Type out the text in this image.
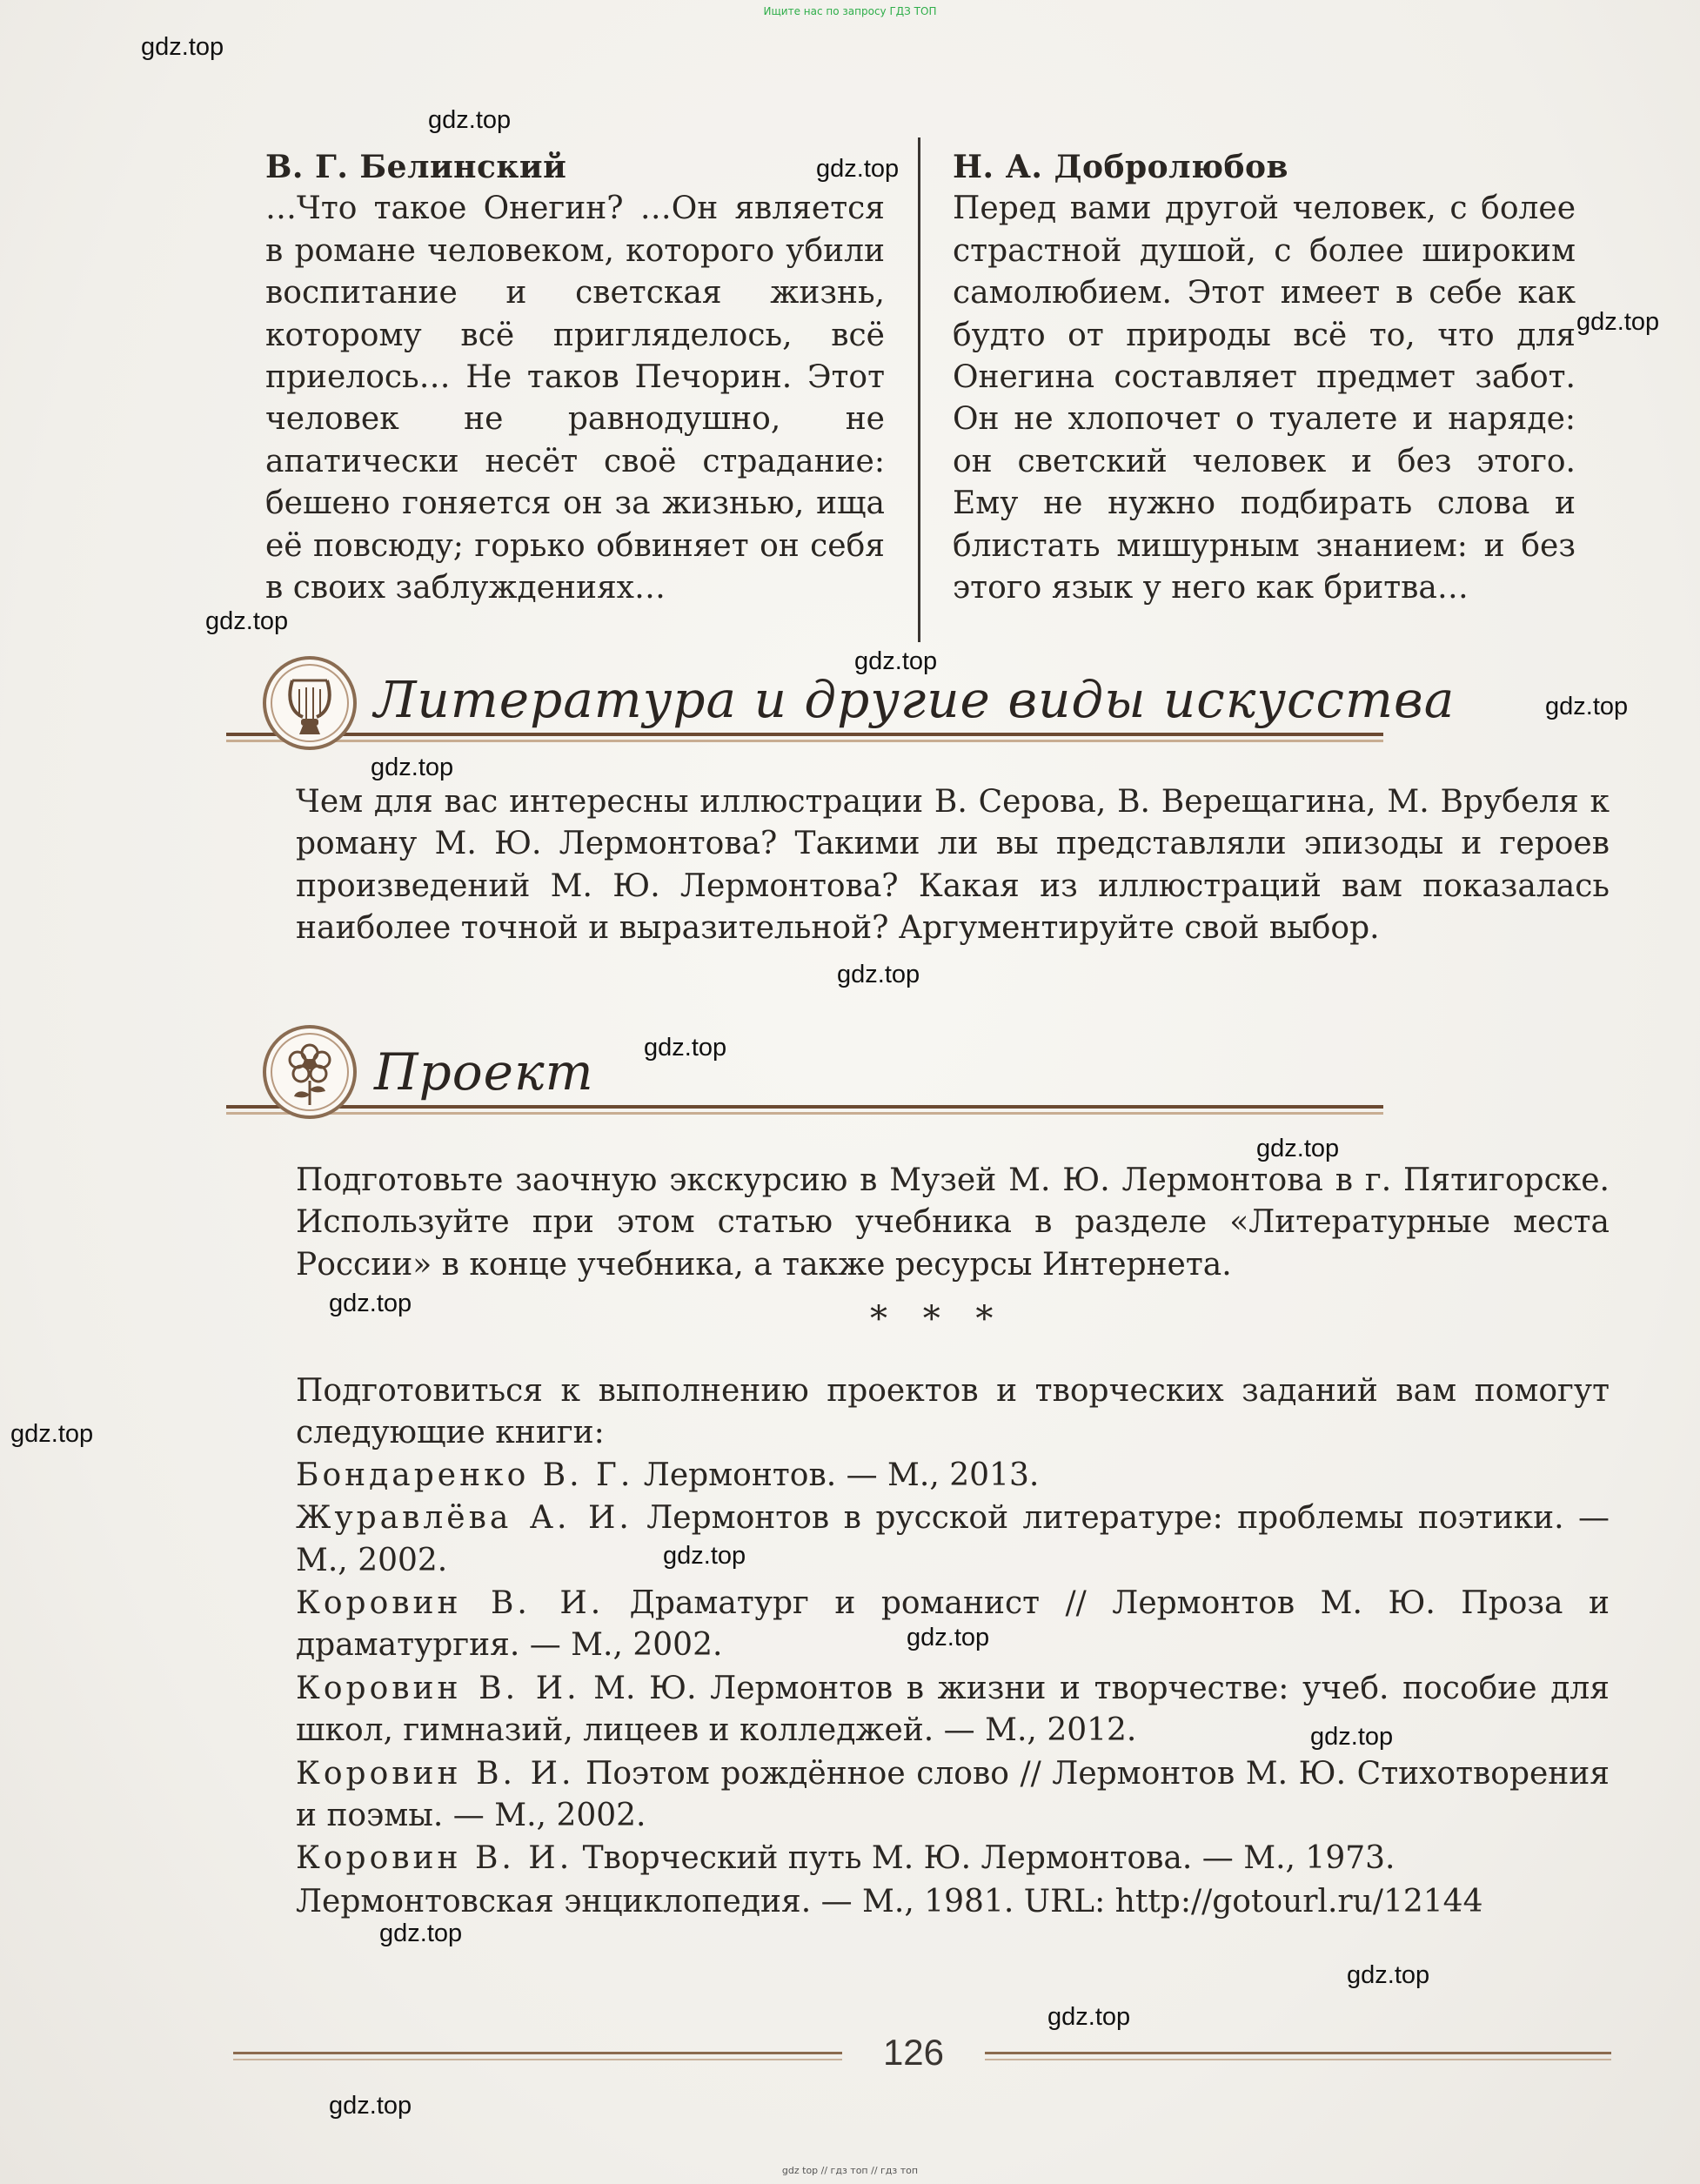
Ищите нас по запросу ГДЗ ТОП
В. Г. Белинский
…Что такое Онегин? …Он является в романе человеком, которого убили воспитание и светская жизнь, которому всё пригляделось, всё приелось… Не таков Печорин. Этот человек не равнодушно, не апатически несёт своё страдание: бешено гоняется он за жизнью, ища её повсюду; горько обвиняет он себя в своих заблуждениях…
Н. А. Добролюбов
Перед вами другой человек, с более страстной душой, с более широким самолюбием. Этот имеет в себе как будто от природы всё то, что для Онегина составляет предмет забот. Он не хлопочет о туалете и наряде: он светский человек и без этого. Ему не нужно подбирать слова и блистать мишурным знанием: и без этого язык у него как бритва…
Литература и другие виды искусства
Чем для вас интересны иллюстрации В. Серова, В. Верещагина, М. Врубеля к роману М. Ю. Лермонтова? Такими ли вы представляли эпизоды и героев произведений М. Ю. Лермонтова? Какая из иллюстраций вам показалась наиболее точной и выразительной? Аргументируйте свой выбор.
Проект
Подготовьте заочную экскурсию в Музей М. Ю. Лермонтова в г. Пятигорске. Используйте при этом статью учебника в разделе «Литературные места России» в конце учебника, а также ресурсы Интернета.
* * *

Подготовиться к выполнению проектов и творческих заданий вам помогут следующие книги:

Бондаренко В. Г. Лермонтов. — М., 2013.

Журавлёва А. И. Лермонтов в русской литературе: проблемы поэтики. — М., 2002.

Коровин В. И. Драматург и романист // Лермонтов М. Ю. Проза и драматургия. — М., 2002.

Коровин В. И. М. Ю. Лермонтов в жизни и творчестве: учеб. пособие для школ, гимназий, лицеев и колледжей. — М., 2012.

Коровин В. И. Поэтом рождённое слово // Лермонтов М. Ю. Стихотворения и поэмы. — М., 2002.

Коровин В. И. Творческий путь М. Ю. Лермонтова. — М., 1973.

Лермонтовская энциклопедия. — М., 1981. URL: http://gotourl.ru/12144

126
gdz.top
gdz.top
gdz.top
gdz.top
gdz.top
gdz.top
gdz.top
gdz.top
gdz.top
gdz.top
gdz.top
gdz.top
gdz.top
gdz.top
gdz.top
gdz.top
gdz.top
gdz.top
gdz.top
gdz.top
gdz top // гдз топ // гдз топ
